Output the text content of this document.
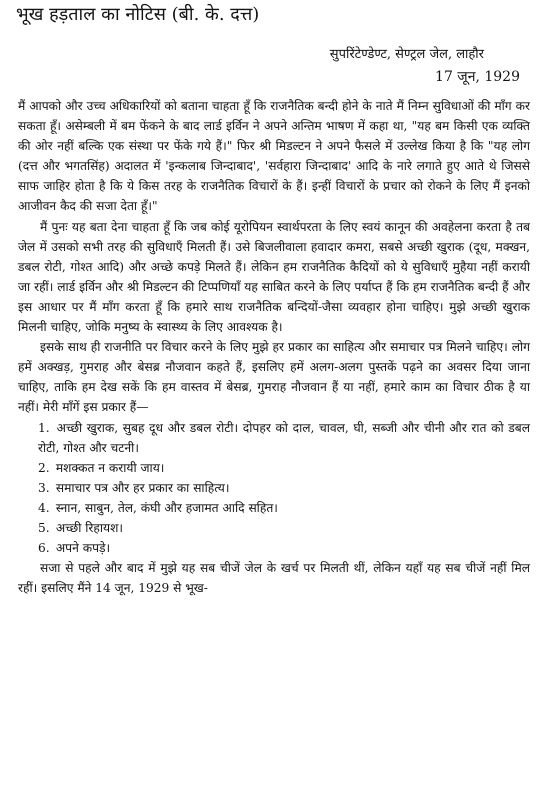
भूख हड़ताल का नोटिस (बी. के. दत्त)
सुपरिंटेण्डेण्ट, सेण्ट्रल जेल, लाहौर
17 जून, 1929

मैं आपको और उच्च अधिकारियों को बताना चाहता हूँ कि राजनैतिक बन्दी होने के नाते मैं निम्न सुविधाओं की माँग कर सकता हूँ। असेम्बली में बम फेंकने के बाद लार्ड इर्विन ने अपने अन्तिम भाषण में कहा था, "यह बम किसी एक व्यक्ति की ओर नहीं बल्कि एक संस्था पर फेंके गये हैं।" फिर श्री मिडल्टन ने अपने फैसले में उल्लेख किया है कि "यह लोग (दत्त और भगतसिंह) अदालत में 'इन्कलाब जिन्दाबाद', 'सर्वहारा जिन्दाबाद' आदि के नारे लगाते हुए आते थे जिससे साफ जाहिर होता है कि ये किस तरह के राजनैतिक विचारों के हैं। इन्हीं विचारों के प्रचार को रोकने के लिए मैं इनको आजीवन कैद की सजा देता हूँ।"

मैं पुनः यह बता देना चाहता हूँ कि जब कोई यूरोपियन स्वार्थपरता के लिए स्वयं कानून की अवहेलना करता है तब जेल में उसको सभी तरह की सुविधाएँ मिलती हैं। उसे बिजलीवाला हवादार कमरा, सबसे अच्छी खुराक (दूध, मक्खन, डबल रोटी, गोश्त आदि) और अच्छे कपड़े मिलते हैं। लेकिन हम राजनैतिक कैदियों को ये सुविधाएँ मुहैया नहीं करायी जा रहीं। लार्ड इर्विन और श्री मिडल्टन की टिप्पणियाँ यह साबित करने के लिए पर्याप्त हैं कि हम राजनैतिक बन्दी हैं और इस आधार पर मैं माँग करता हूँ कि हमारे साथ राजनैतिक बन्दियों-जैसा व्यवहार होना चाहिए। मुझे अच्छी खुराक मिलनी चाहिए, जोकि मनुष्य के स्वास्थ्य के लिए आवश्यक है।

इसके साथ ही राजनीति पर विचार करने के लिए मुझे हर प्रकार का साहित्य और समाचार पत्र मिलने चाहिए। लोग हमें अक्खड़, गुमराह और बेसब्र नौजवान कहते हैं, इसलिए हमें अलग-अलग पुस्तकें पढ़ने का अवसर दिया जाना चाहिए, ताकि हम देख सकें कि हम वास्तव में बेसब्र, गुमराह नौजवान हैं या नहीं, हमारे काम का विचार ठीक है या नहीं। मेरी माँगें इस प्रकार हैं—

1. अच्छी खुराक, सुबह दूध और डबल रोटी। दोपहर को दाल, चावल, घी, सब्जी और चीनी और रात को डबल रोटी, गोश्त और चटनी।
2. मशक्कत न करायी जाय।
3. समाचार पत्र और हर प्रकार का साहित्य।
4. स्नान, साबुन, तेल, कंघी और हजामत आदि सहित।
5. अच्छी रिहायश।
6. अपने कपड़े।

सजा से पहले और बाद में मुझे यह सब चीजें जेल के खर्च पर मिलती थीं, लेकिन यहाँ यह सब चीजें नहीं मिल रहीं। इसलिए मैंने 14 जून, 1929 से भूख-
